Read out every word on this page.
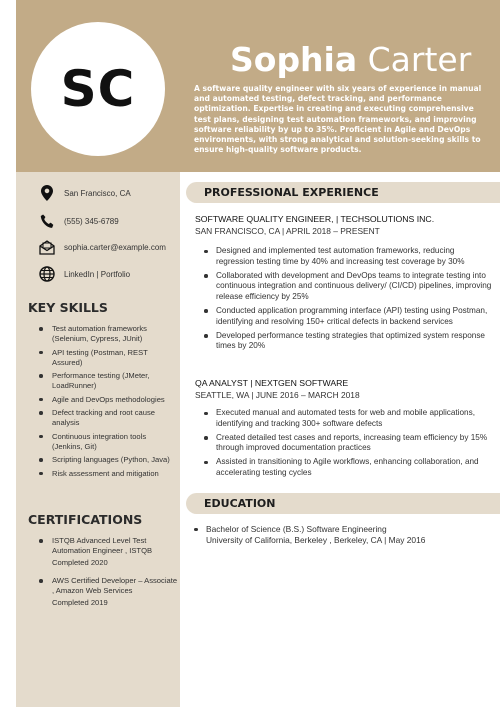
SC
Sophia Carter

A software quality engineer with six years of experience in manual and automated testing, defect tracking, and performance optimization. Expertise in creating and executing comprehensive test plans, designing test automation frameworks, and improving software reliability by up to 35%. Proficient in Agile and DevOps environments, with strong analytical and solution-seeking skills to ensure high-quality software products.

San Francisco, CA
(555) 345-6789
sophia.carter@example.com
LinkedIn | Portfolio
KEY SKILLS
Test automation frameworks (Selenium, Cypress, JUnit)
API testing (Postman, REST Assured)
Performance testing (JMeter, LoadRunner)
Agile and DevOps methodologies
Defect tracking and root cause analysis
Continuous integration tools (Jenkins, Git)
Scripting languages (Python, Java)
Risk assessment and mitigation
CERTIFICATIONS
ISTQB Advanced Level Test Automation Engineer , ISTQB
Completed 2020
AWS Certified Developer – Associate , Amazon Web Services
Completed 2019
PROFESSIONAL EXPERIENCE
SOFTWARE QUALITY ENGINEER, | TECHSOLUTIONS INC.
SAN FRANCISCO, CA | APRIL 2018 – PRESENT
Designed and implemented test automation frameworks, reducing regression testing time by 40% and increasing test coverage by 30%
Collaborated with development and DevOps teams to integrate testing into continuous integration and continuous delivery/ (CI/CD) pipelines, improving release efficiency by 25%
Conducted application programming interface (API) testing using Postman, identifying and resolving 150+ critical defects in backend services
Developed performance testing strategies that optimized system response times by 20%
QA ANALYST | NEXTGEN SOFTWARE
SEATTLE, WA | JUNE 2016 – MARCH 2018
Executed manual and automated tests for web and mobile applications, identifying and tracking 300+ software defects
Created detailed test cases and reports, increasing team efficiency by 15% through improved documentation practices
Assisted in transitioning to Agile workflows, enhancing collaboration, and accelerating testing cycles
EDUCATION
Bachelor of Science (B.S.) Software Engineering
University of California, Berkeley , Berkeley, CA | May 2016
